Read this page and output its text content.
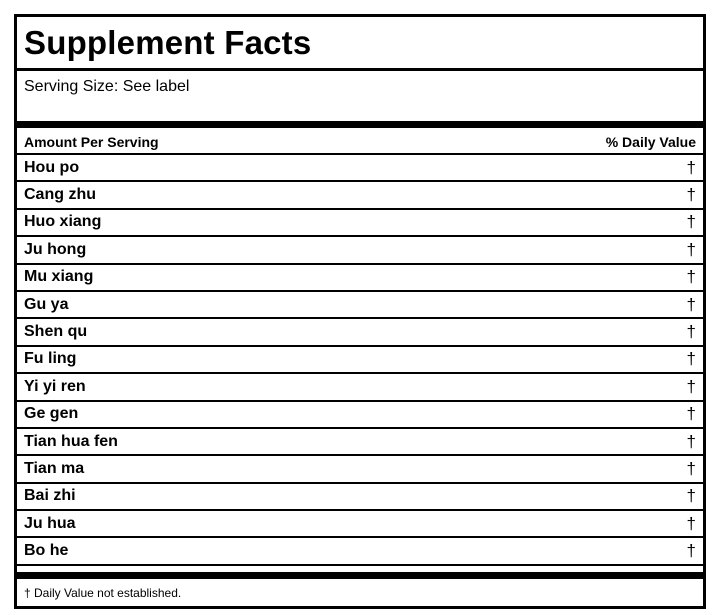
Supplement Facts
Serving Size: See label
Amount Per Serving	% Daily Value
Hou po	†
Cang zhu	†
Huo xiang	†
Ju hong	†
Mu xiang	†
Gu ya	†
Shen qu	†
Fu ling	†
Yi yi ren	†
Ge gen	†
Tian hua fen	†
Tian ma	†
Bai zhi	†
Ju hua	†
Bo he	†
† Daily Value not established.
